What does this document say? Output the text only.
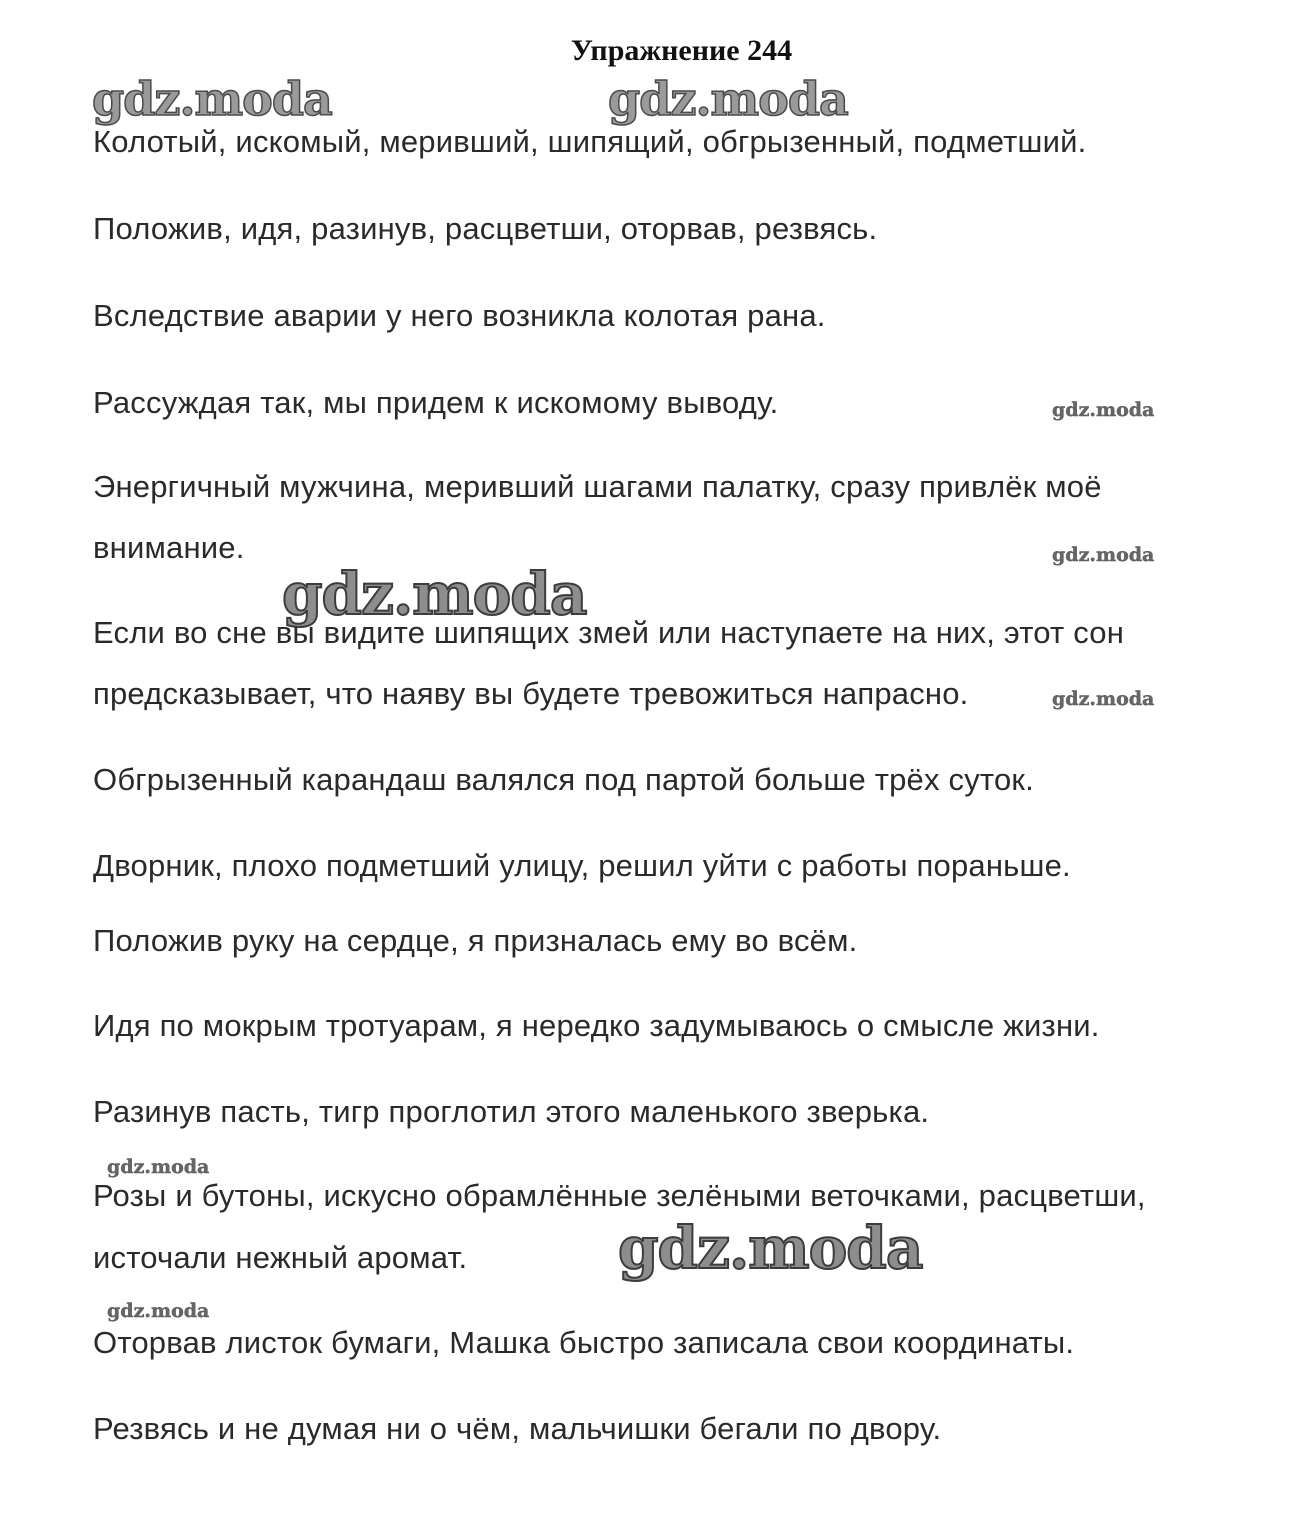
Упражнение 244
gdz.moda	gdz.moda
gdz.moda
gdz.moda
gdz.moda
gdz.moda
gdz.moda
gdz.moda
gdz.moda
Колотый, искомый, меривший, шипящий, обгрызенный, подметший.
Положив, идя, разинув, расцветши, оторвав, резвясь.
Вследствие аварии у него возникла колотая рана.
Рассуждая так, мы придем к искомому выводу.
Энергичный мужчина, меривший шагами палатку, сразу привлёк моё
внимание.
Если во сне вы видите шипящих змей или наступаете на них, этот сон
предсказывает, что наяву вы будете тревожиться напрасно.
Обгрызенный карандаш валялся под партой больше трёх суток.
Дворник, плохо подметший улицу, решил уйти с работы пораньше.
Положив руку на сердце, я призналась ему во всём.
Идя по мокрым тротуарам, я нередко задумываюсь о смысле жизни.
Разинув пасть, тигр проглотил этого маленького зверька.
Розы и бутоны, искусно обрамлённые зелёными веточками, расцветши,
источали нежный аромат.
Оторвав листок бумаги, Машка быстро записала свои координаты.
Резвясь и не думая ни о чём, мальчишки бегали по двору.
